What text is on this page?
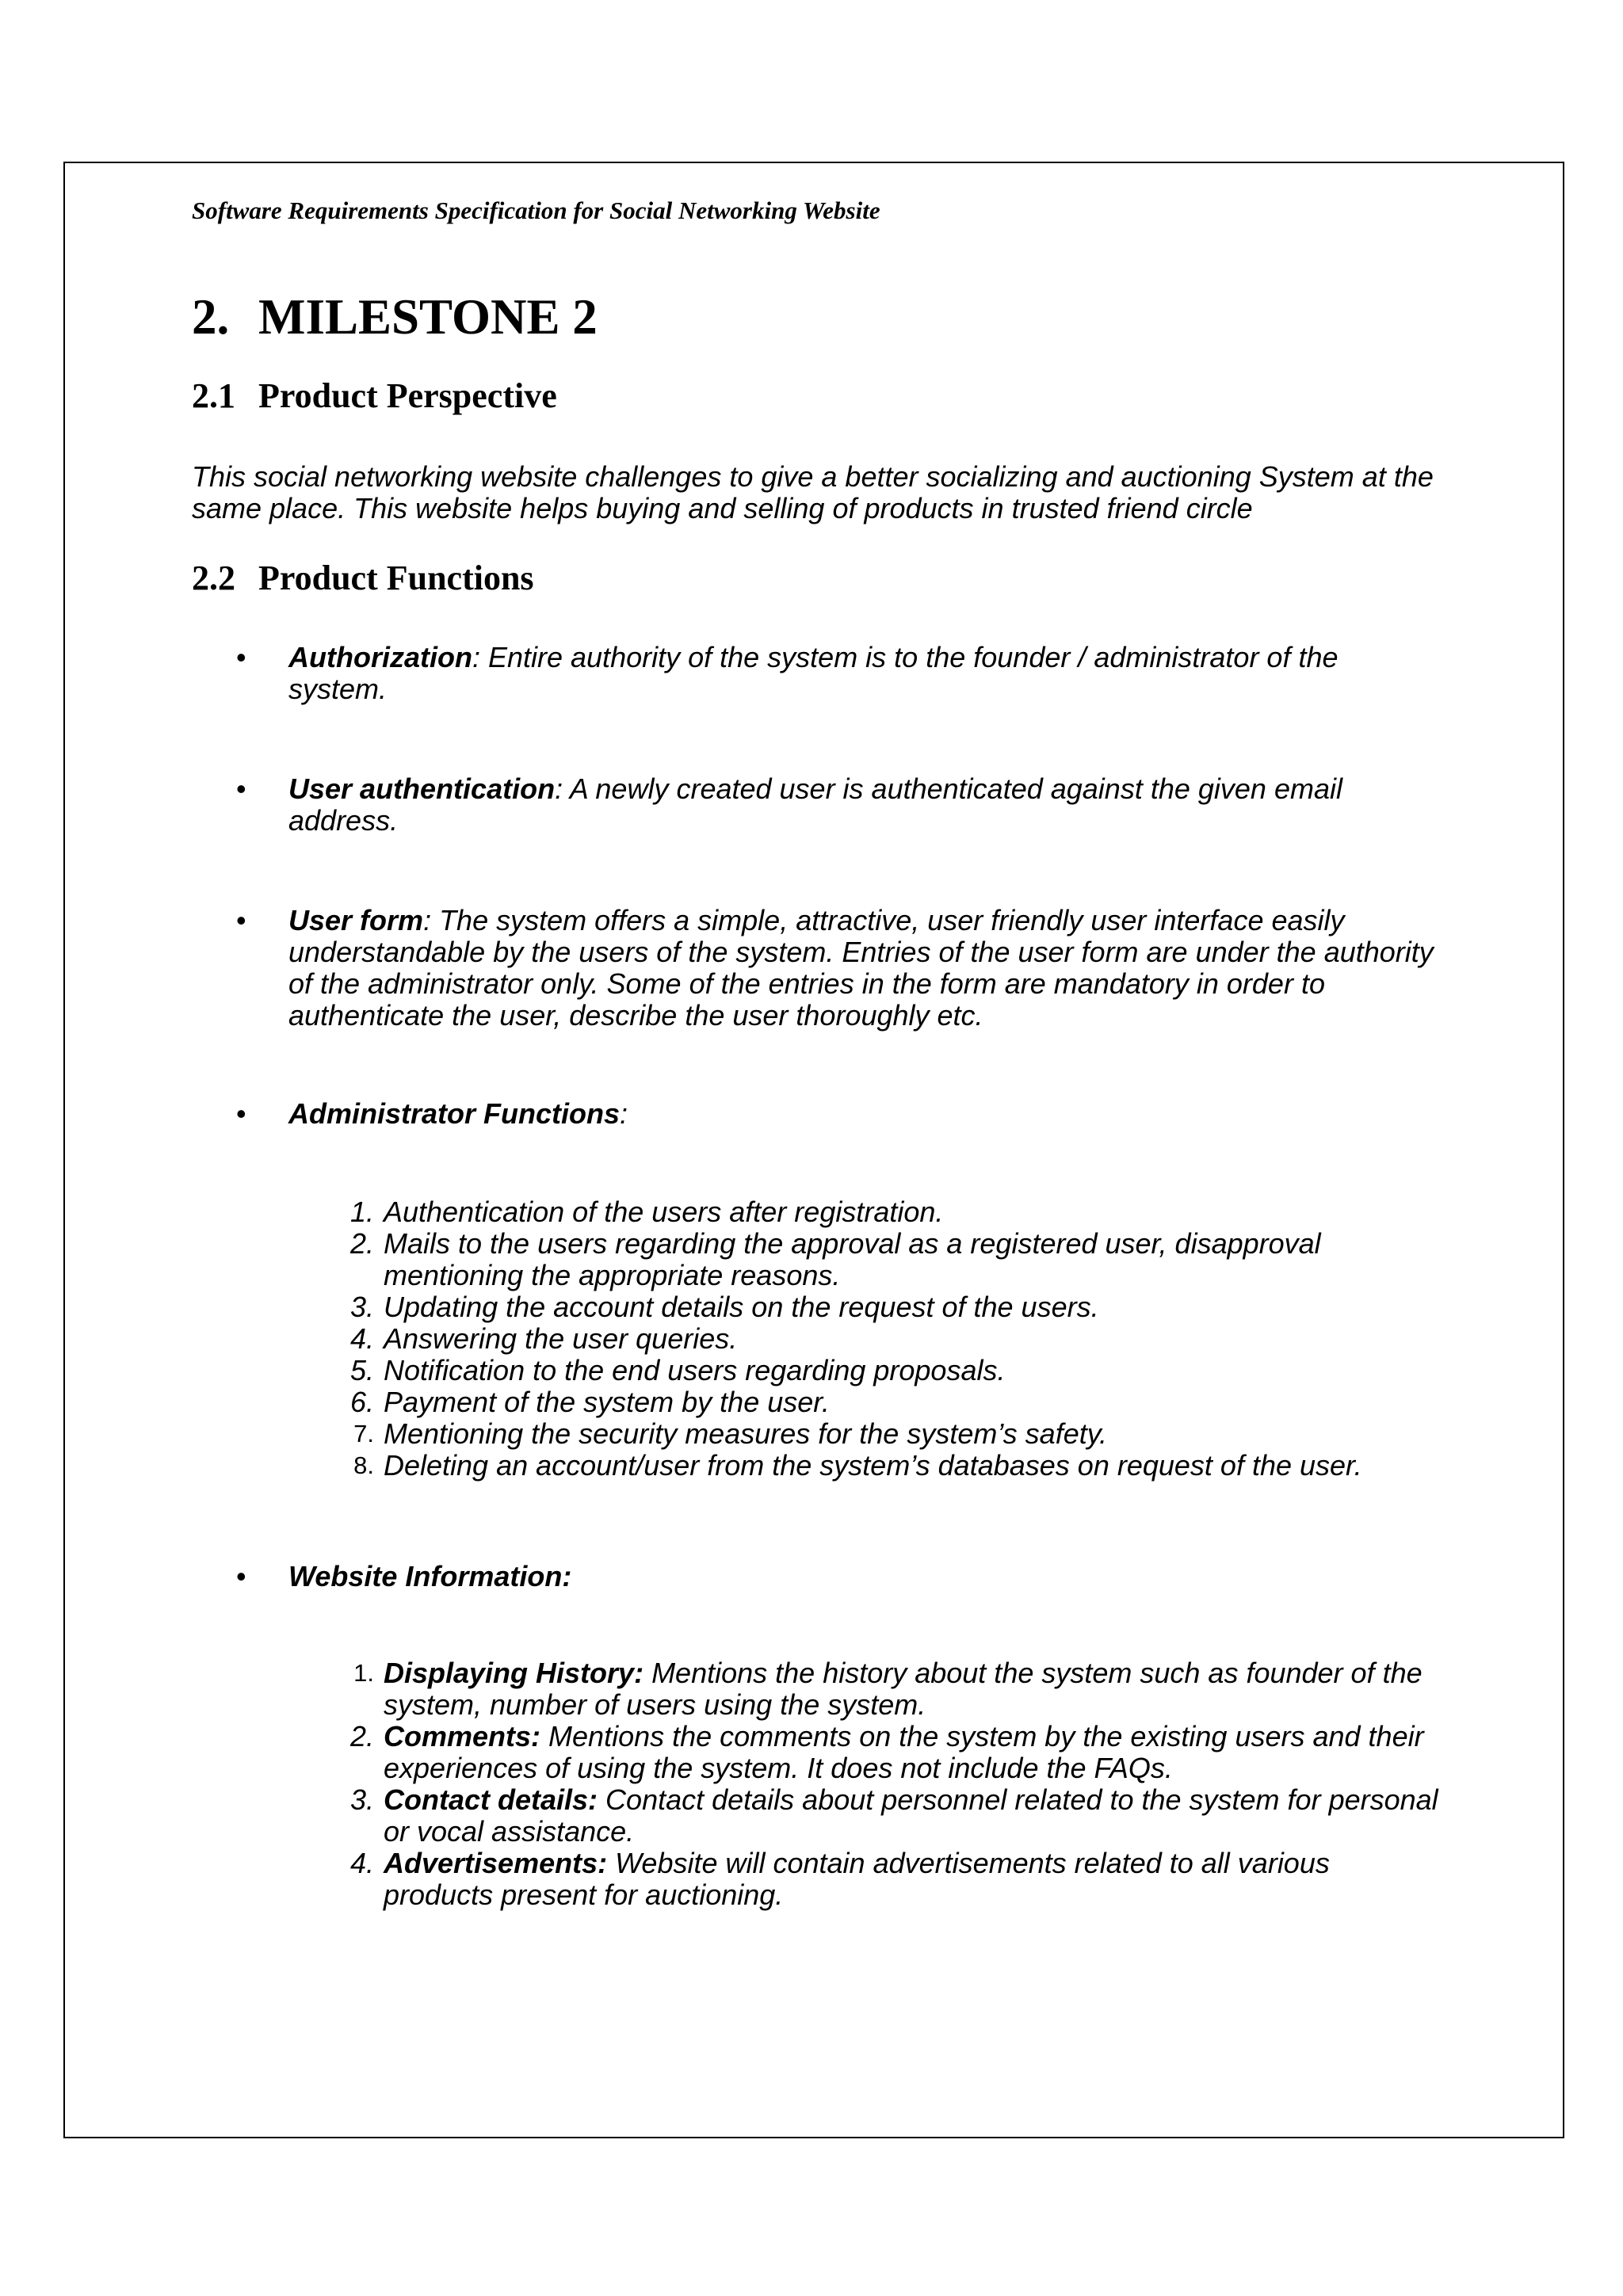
Software Requirements Specification for Social Networking Website

2. MILESTONE 2
2.1 Product Perspective

This social networking website challenges to give a better socializing and auctioning System at the same place. This website helps buying and selling of products in trusted friend circle

2.2 Product Functions
• Authorization: Entire authority of the system is to the founder / administrator of the system.
• User authentication: A newly created user is authenticated against the given email address.
• User form: The system offers a simple, attractive, user friendly user interface easily understandable by the users of the system. Entries of the user form are under the authority of the administrator only. Some of the entries in the form are mandatory in order to authenticate the user, describe the user thoroughly etc.
• Administrator Functions:
1. Authentication of the users after registration.
2. Mails to the users regarding the approval as a registered user, disapproval mentioning the appropriate reasons.
3. Updating the account details on the request of the users.
4. Answering the user queries.
5. Notification to the end users regarding proposals.
6. Payment of the system by the user.
7. Mentioning the security measures for the system’s safety.
8. Deleting an account/user from the system’s databases on request of the user.
• Website Information:
1. Displaying History: Mentions the history about the system such as founder of the system, number of users using the system.
2. Comments: Mentions the comments on the system by the existing users and their experiences of using the system. It does not include the FAQs.
3. Contact details: Contact details about personnel related to the system for personal or vocal assistance.
4. Advertisements: Website will contain advertisements related to all various products present for auctioning.
